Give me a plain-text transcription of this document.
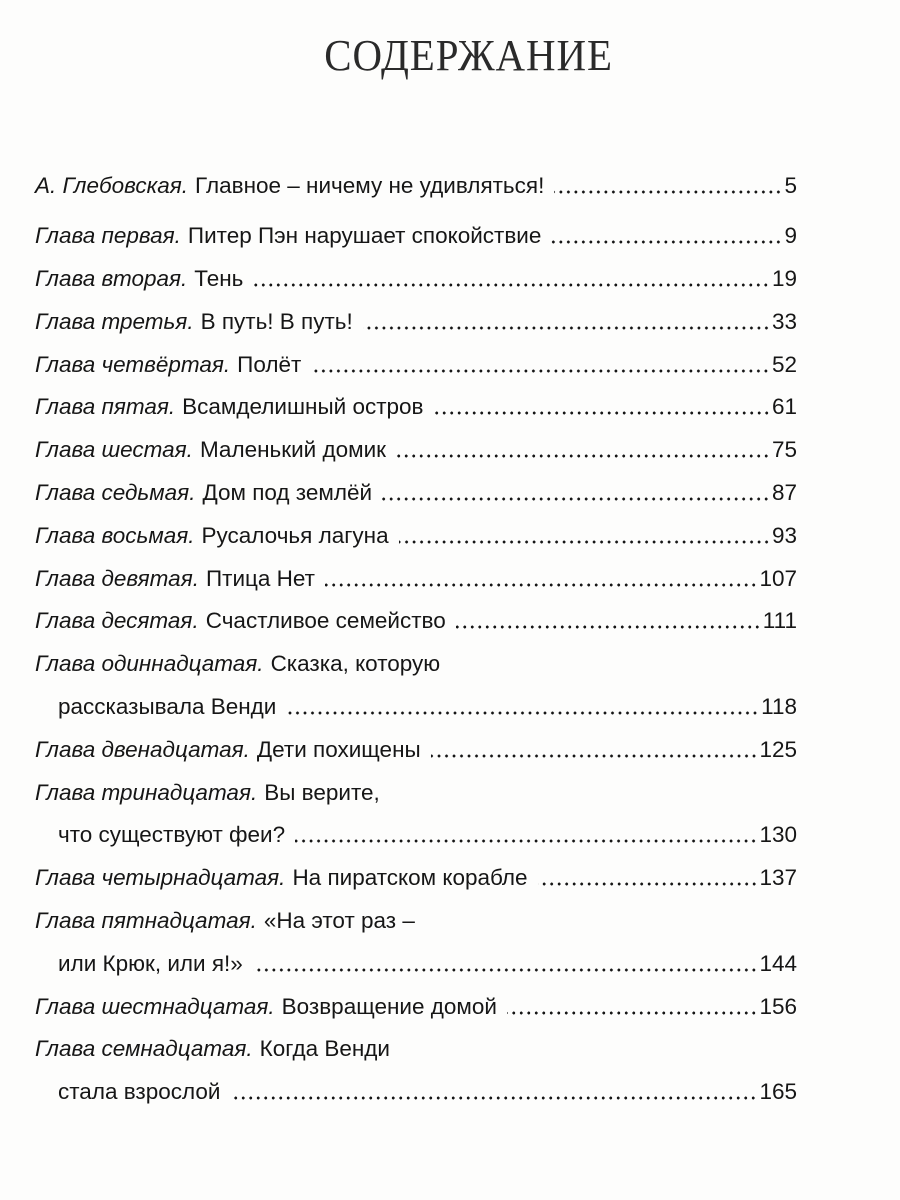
СОДЕРЖАНИЕ
А. Глебовская. Главное – ничему не удивляться!	5
Глава первая. Питер Пэн нарушает спокойствие	9
Глава вторая. Тень	19
Глава третья. В путь! В путь!	33
Глава четвёртая. Полёт	52
Глава пятая. Всамделишный остров	61
Глава шестая. Маленький домик	75
Глава седьмая. Дом под землёй	87
Глава восьмая. Русалочья лагуна	93
Глава девятая. Птица Нет	107
Глава десятая. Счастливое семейство	111
Глава одиннадцатая. Сказка, которую
рассказывала Венди	118
Глава двенадцатая. Дети похищены	125
Глава тринадцатая. Вы верите,
что существуют феи?	130
Глава четырнадцатая. На пиратском корабле	137
Глава пятнадцатая. «На этот раз –
или Крюк, или я!»	144
Глава шестнадцатая. Возвращение домой	156
Глава семнадцатая. Когда Венди
стала взрослой	165
